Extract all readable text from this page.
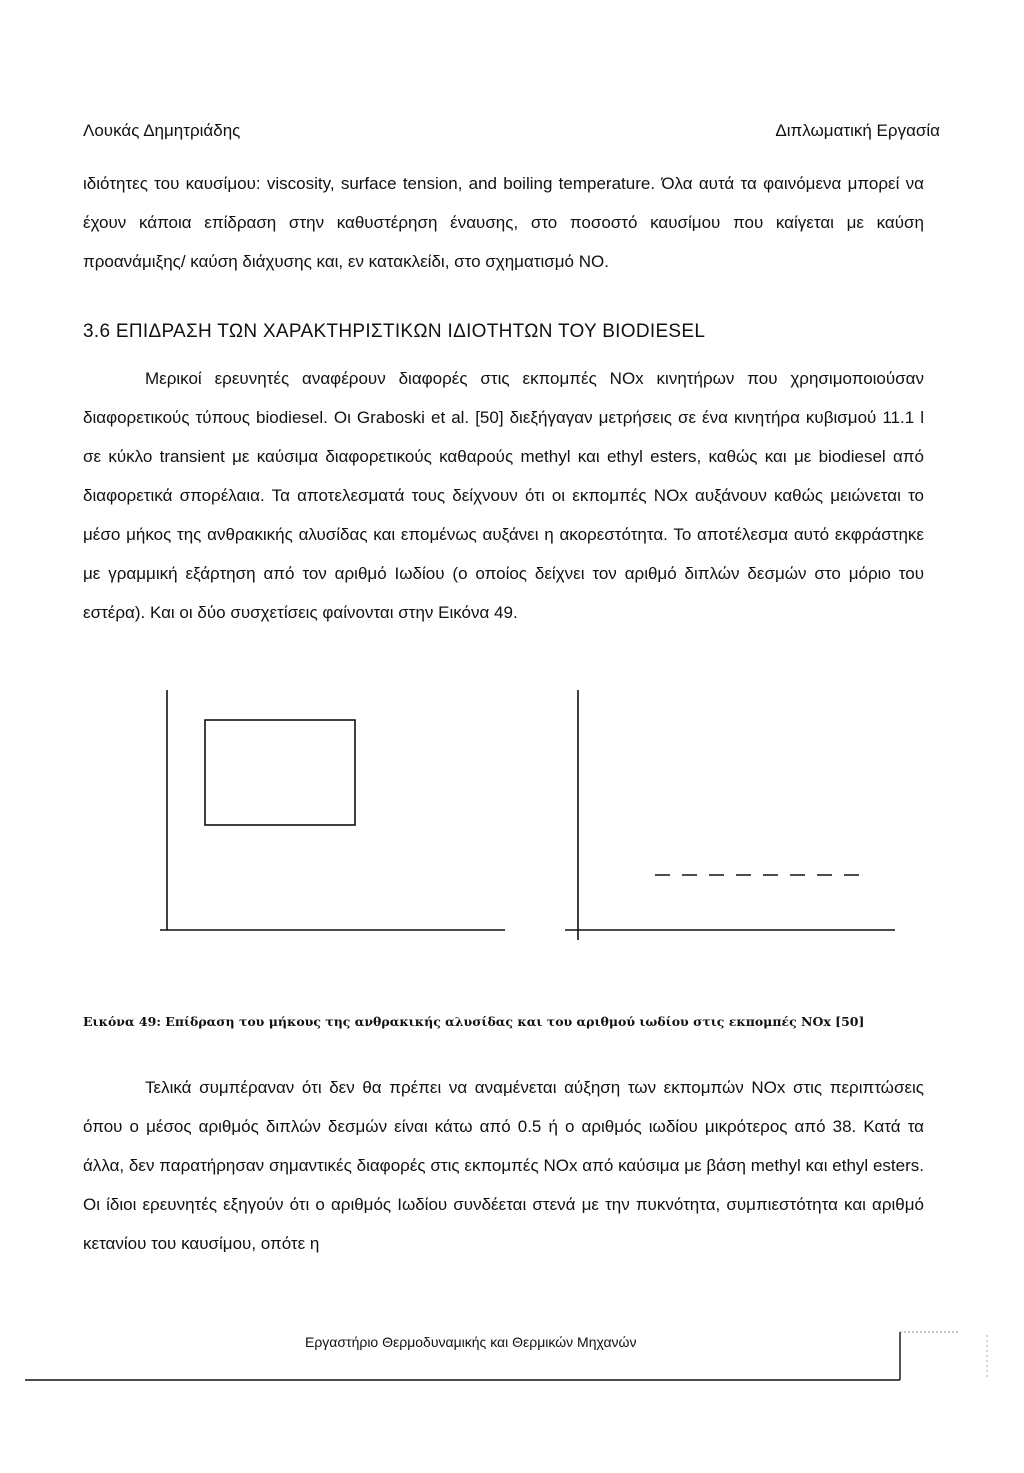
Λουκάς Δημητριάδης	Διπλωματική Εργασία
ιδιότητες του καυσίμου: viscosity, surface tension, and boiling temperature. Όλα αυτά τα φαινόμενα μπορεί να έχουν κάποια επίδραση στην καθυστέρηση έναυσης, στο ποσοστό καυσίμου που καίγεται με καύση προανάμιξης/ καύση διάχυσης και, εν κατακλείδι, στο σχηματισμό NO.
3.6 ΕΠΙΔΡΑΣΗ ΤΩΝ ΧΑΡΑΚΤΗΡΙΣΤΙΚΩΝ ΙΔΙΟΤΗΤΩΝ ΤΟΥ BIODIESEL
Μερικοί ερευνητές αναφέρουν διαφορές στις εκπομπές NOx κινητήρων που χρησιμοποιούσαν διαφορετικούς τύπους biodiesel. Οι Graboski et al. [50] διεξήγαγαν μετρήσεις σε ένα κινητήρα κυβισμού 11.1 l σε κύκλο transient με καύσιμα διαφορετικούς καθαρούς methyl και ethyl esters, καθώς και με biodiesel από διαφορετικά σπορέλαια. Τα αποτελεσματά τους δείχνουν ότι οι εκπομπές NOx αυξάνουν καθώς μειώνεται το μέσο μήκος της ανθρακικής αλυσίδας και επομένως αυξάνει η ακορεστότητα. Το αποτέλεσμα αυτό εκφράστηκε με γραμμική εξάρτηση από τον αριθμό Ιωδίου (ο οποίος δείχνει τον αριθμό διπλών δεσμών στο μόριο του εστέρα). Και οι δύο συσχετίσεις φαίνονται στην Εικόνα 49.
Εικόνα 49: Επίδραση του μήκους της ανθρακικής αλυσίδας και του αριθμού ιωδίου στις εκπομπές NOx [50]
Τελικά συμπέραναν ότι δεν θα πρέπει να αναμένεται αύξηση των εκπομπών NOx στις περιπτώσεις όπου ο μέσος αριθμός διπλών δεσμών είναι κάτω από 0.5 ή ο αριθμός ιωδίου μικρότερος από 38. Κατά τα άλλα, δεν παρατήρησαν σημαντικές διαφορές στις εκπομπές NOx από καύσιμα με βάση methyl και ethyl esters. Οι ίδιοι ερευνητές εξηγούν ότι ο αριθμός Ιωδίου συνδέεται στενά με την πυκνότητα, συμπιεστότητα και αριθμό κετανίου του καυσίμου, οπότε η
Εργαστήριο Θερμοδυναμικής και Θερμικών Μηχανών
